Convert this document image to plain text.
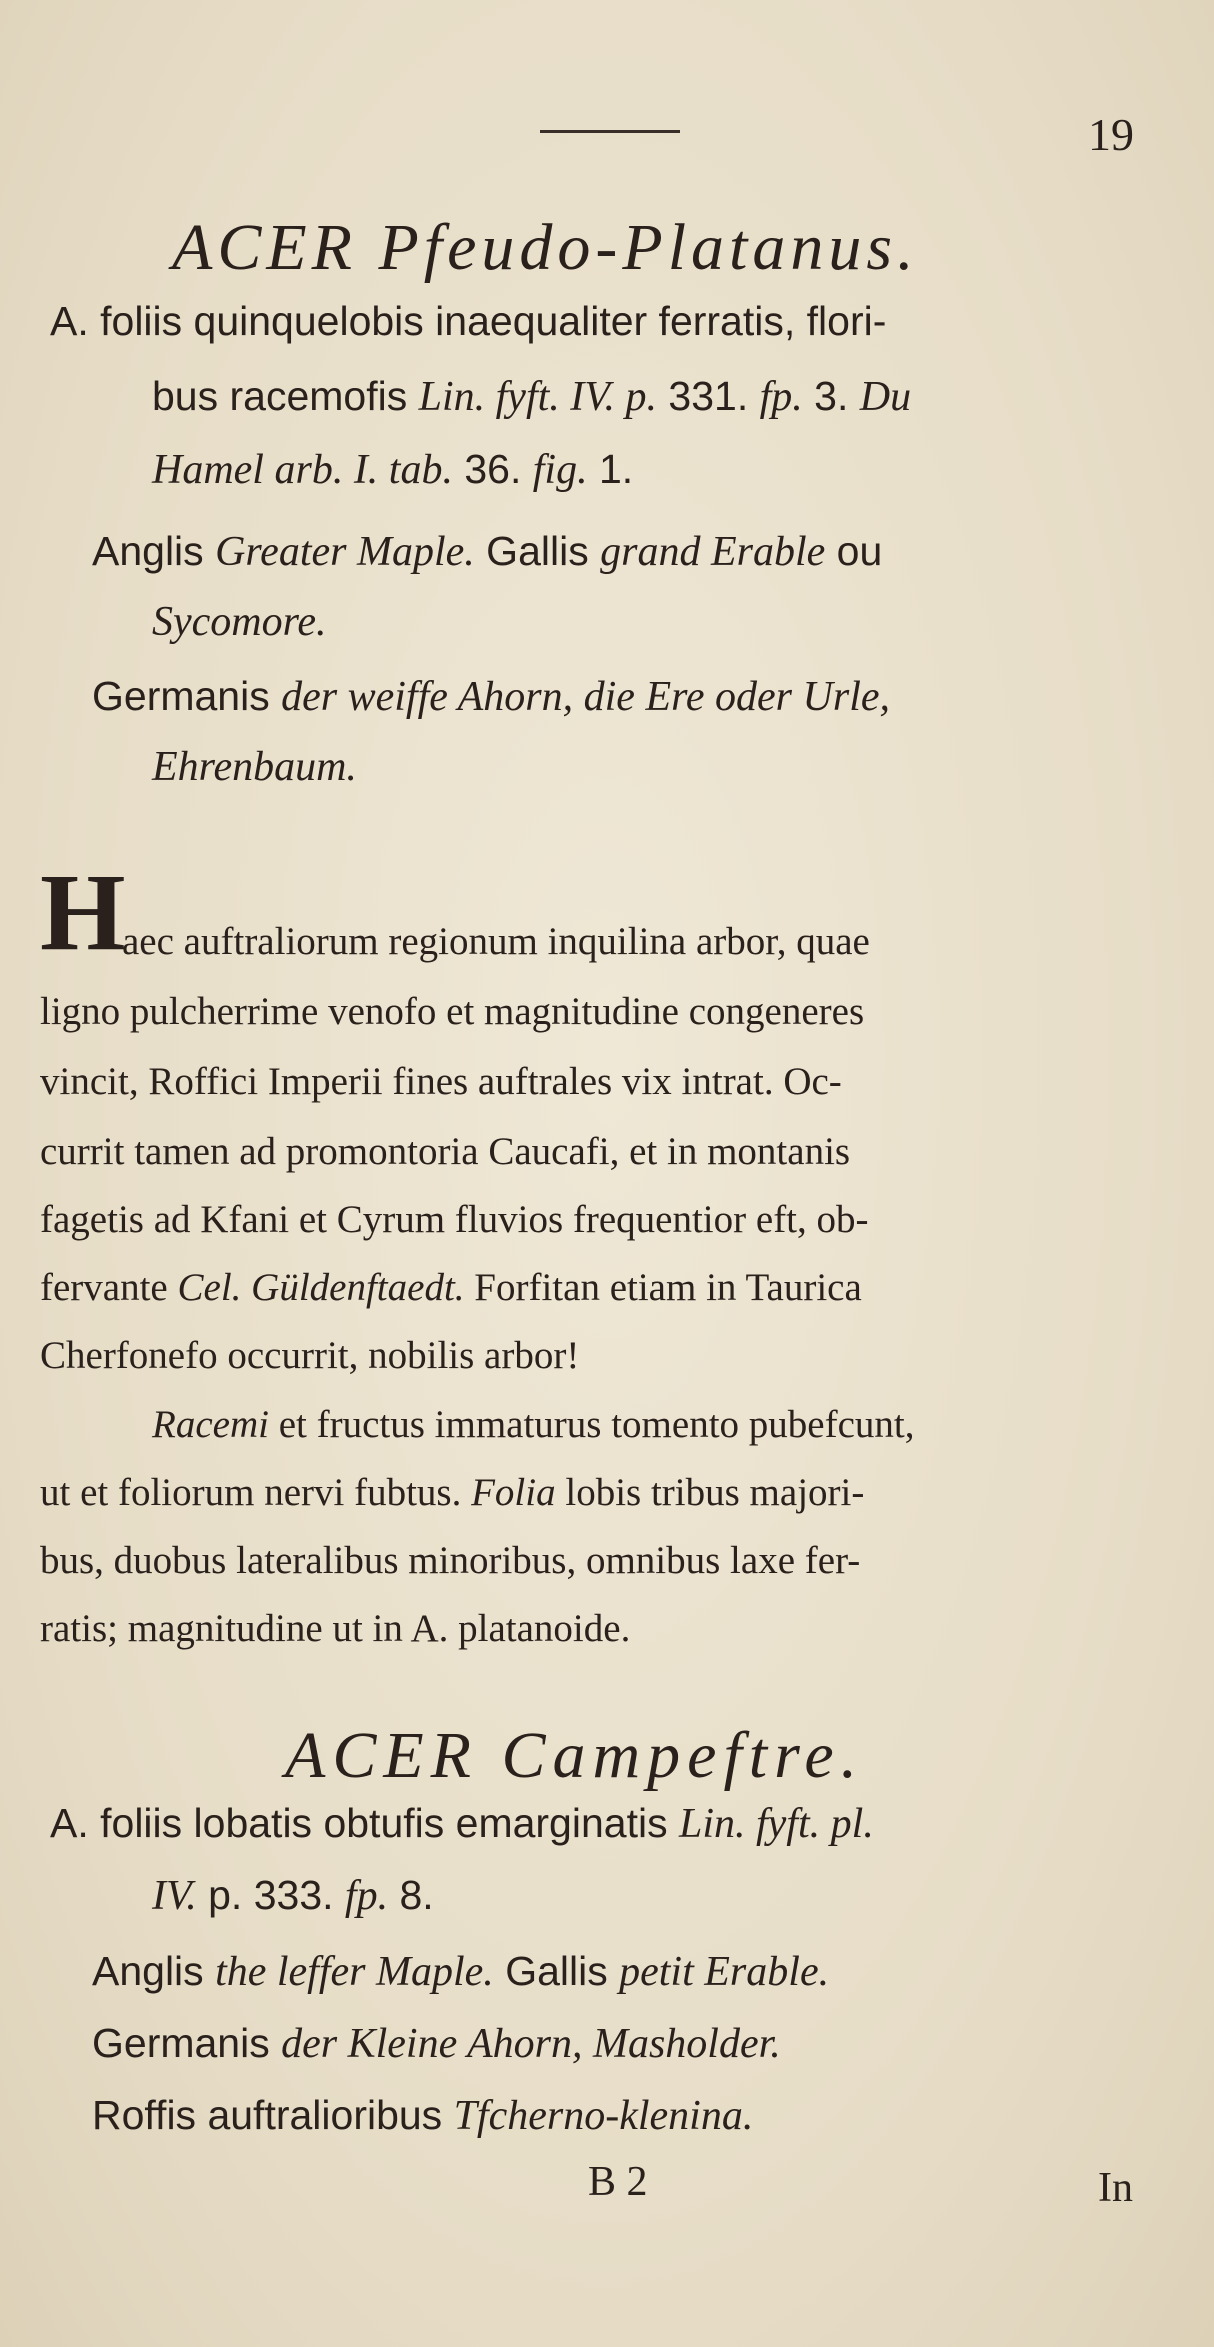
19
ACER Pfeudo-Platanus.
A. foliis quinquelobis inaequaliter ferratis, flori-
bus racemofis Lin. fyft. IV. p. 331. fp. 3. Du
Hamel arb. I. tab. 36. fig. 1.
Anglis Greater Maple. Gallis grand Erable ou
Sycomore.
Germanis der weiffe Ahorn, die Ere oder Urle,
Ehrenbaum.
H
aec auftraliorum regionum inquilina arbor, quae
ligno pulcherrime venofo et magnitudine congeneres
vincit, Roffici Imperii fines auftrales vix intrat. Oc-
currit tamen ad promontoria Caucafi, et in montanis
fagetis ad Kfani et Cyrum fluvios frequentior eft, ob-
fervante Cel. Güldenftaedt. Forfitan etiam in Taurica
Cherfonefo occurrit, nobilis arbor!
Racemi et fructus immaturus tomento pubefcunt,
ut et foliorum nervi fubtus. Folia lobis tribus majori-
bus, duobus lateralibus minoribus, omnibus laxe fer-
ratis; magnitudine ut in A. platanoide.
ACER Campeftre.
A. foliis lobatis obtufis emarginatis Lin. fyft. pl.
IV. p. 333. fp. 8.
Anglis the leffer Maple. Gallis petit Erable.
Germanis der Kleine Ahorn, Masholder.
Roffis auftralioribus Tfcherno-klenina.
B 2	In
